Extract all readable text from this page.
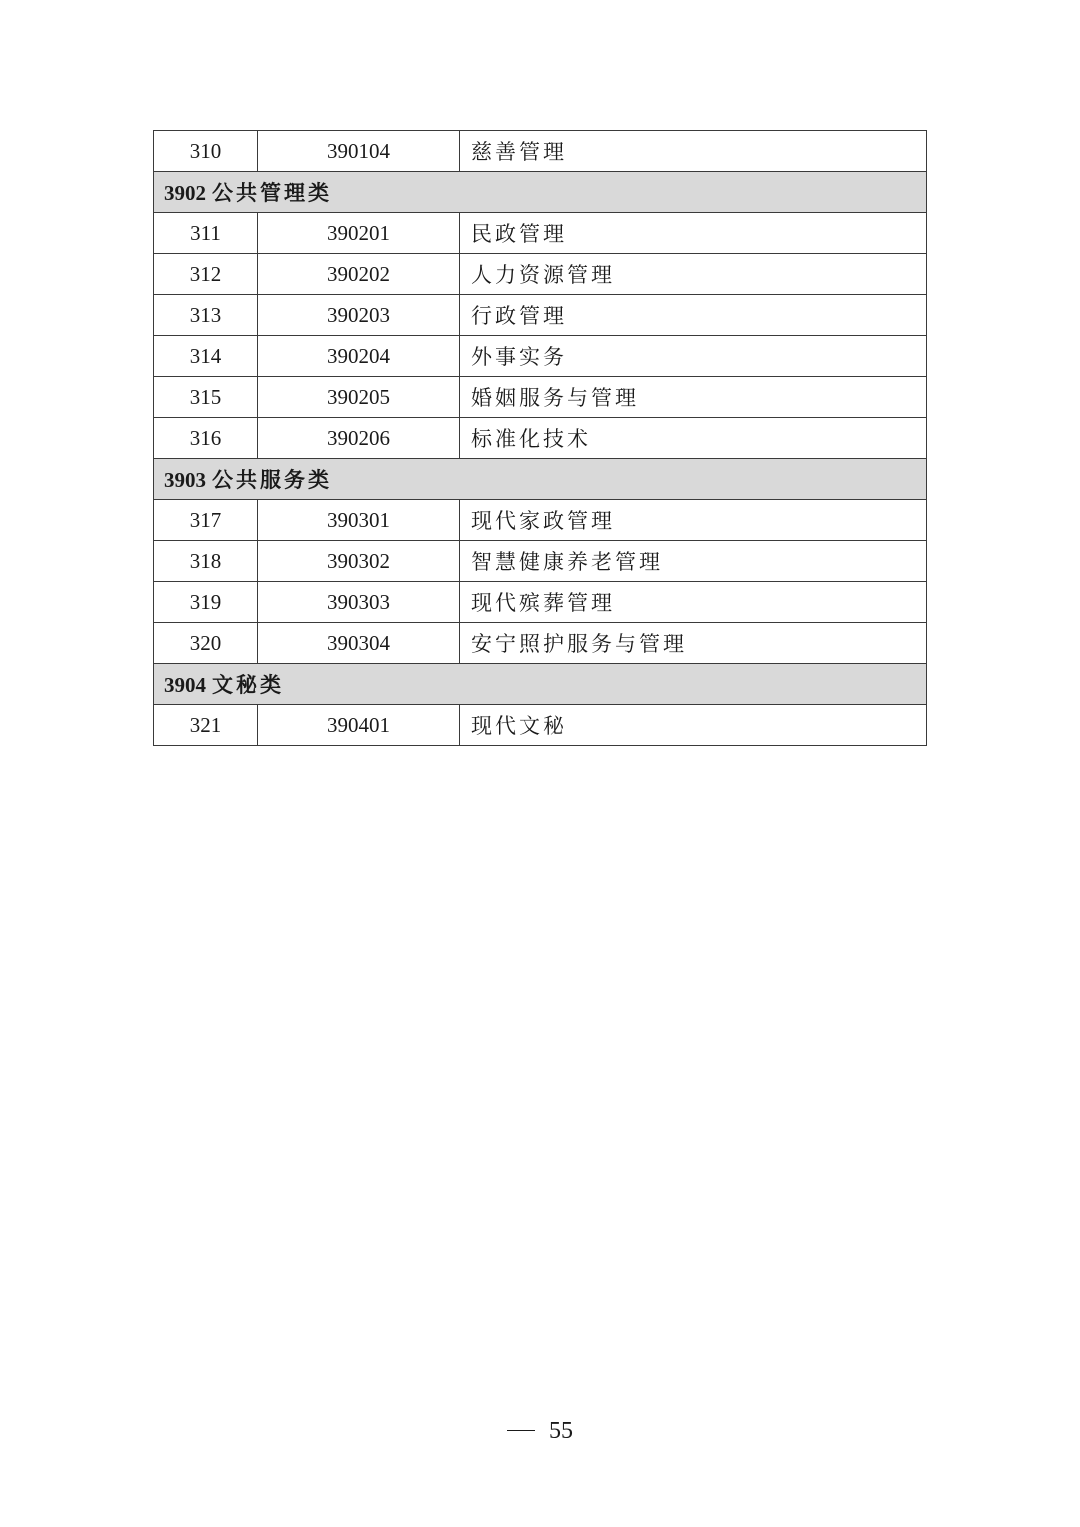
310	390104	慈善管理
3902 公共管理类		
311	390201	民政管理
312	390202	人力资源管理
313	390203	行政管理
314	390204	外事实务
315	390205	婚姻服务与管理
316	390206	标准化技术
3903 公共服务类		
317	390301	现代家政管理
318	390302	智慧健康养老管理
319	390303	现代殡葬管理
320	390304	安宁照护服务与管理
3904 文秘类		
321	390401	现代文秘
55
